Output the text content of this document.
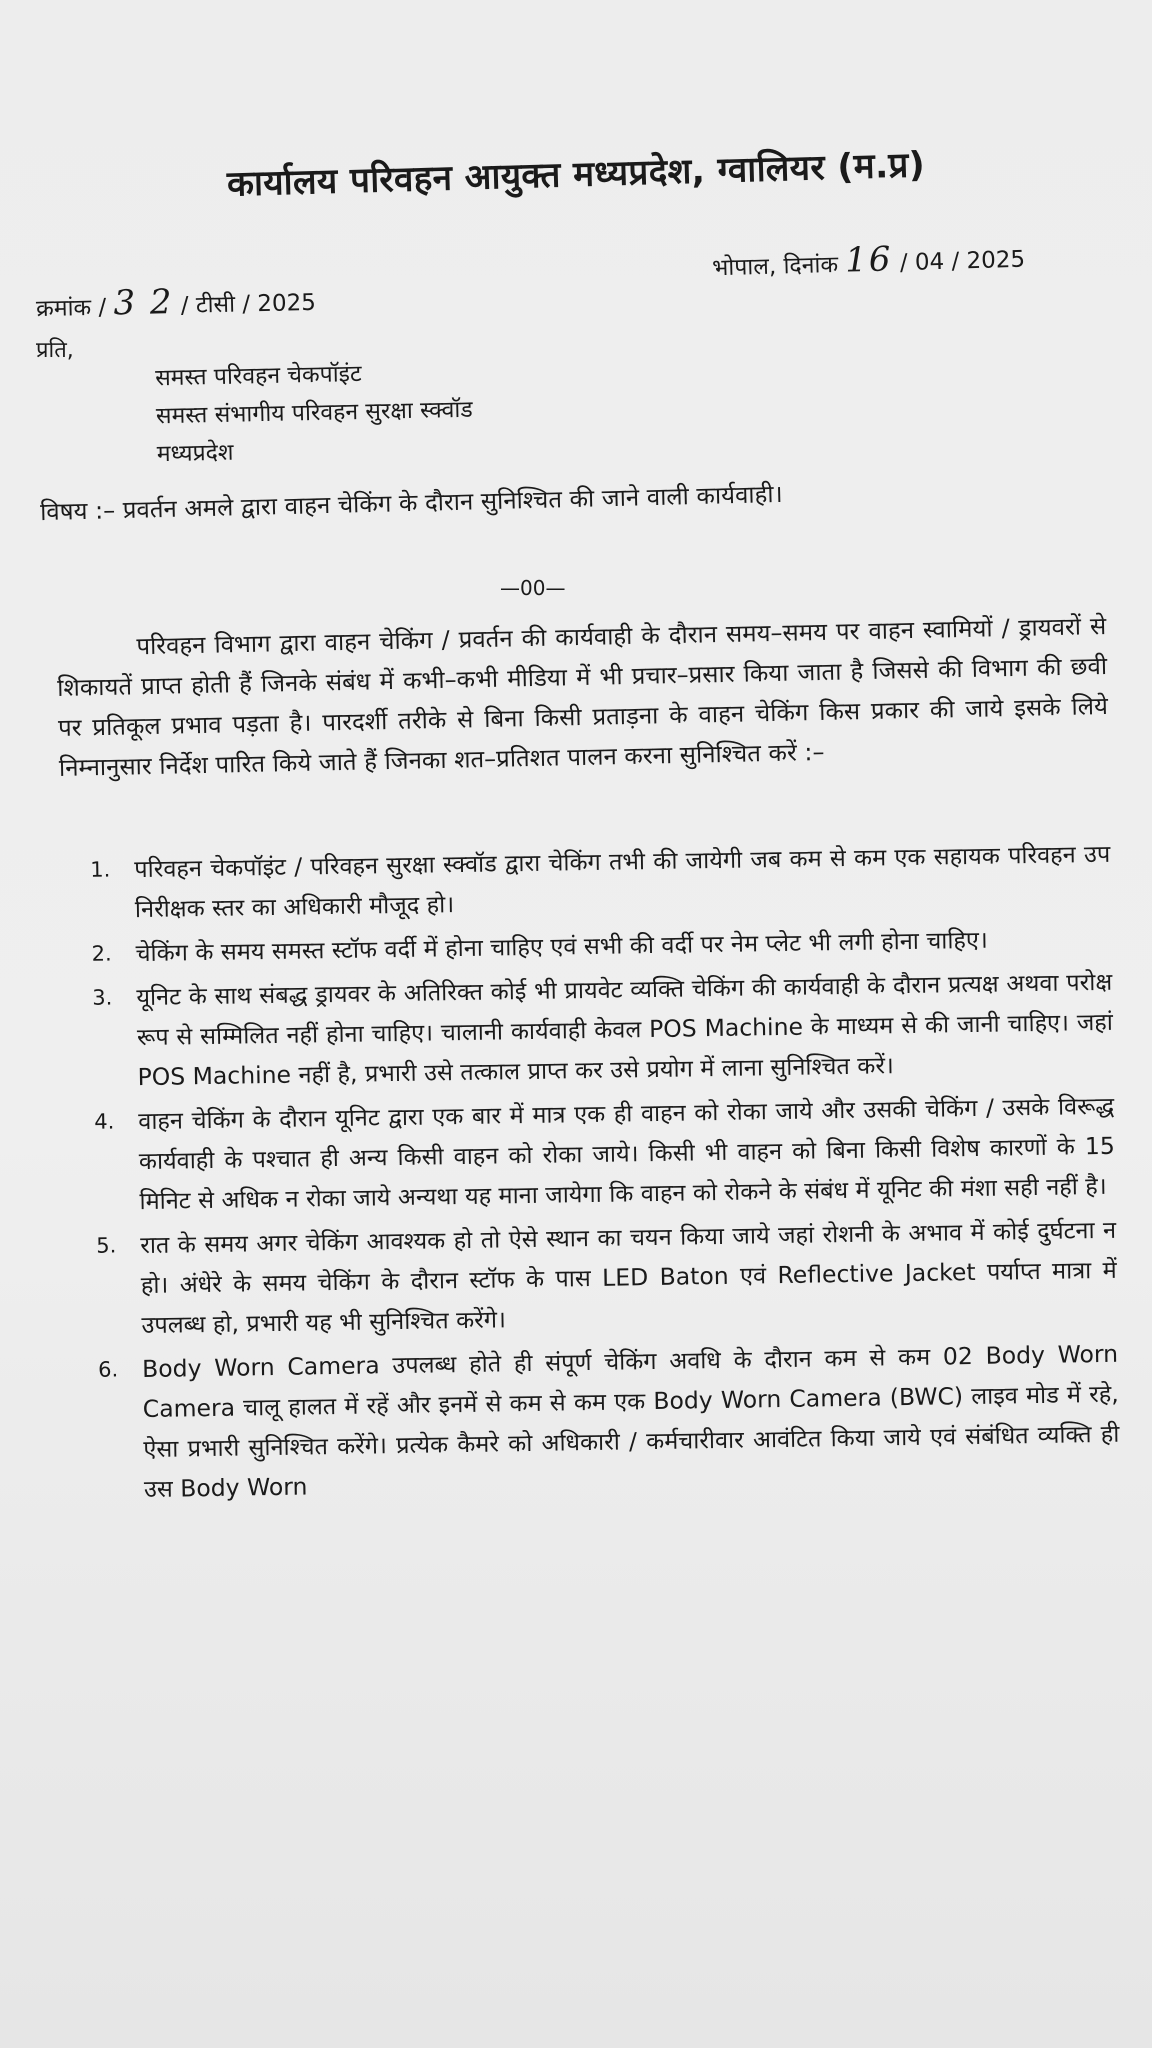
कार्यालय परिवहन आयुक्त मध्यप्रदेश, ग्वालियर (म.प्र)
भोपाल, दिनांक 16 / 04 / 2025
क्रमांक / 3 2 / टीसी / 2025
प्रति,
समस्त परिवहन चेकपॉइंट
समस्त संभागीय परिवहन सुरक्षा स्क्वॉड
मध्यप्रदेश
विषय :– प्रवर्तन अमले द्वारा वाहन चेकिंग के दौरान सुनिश्चित की जाने वाली कार्यवाही।
—00—
परिवहन विभाग द्वारा वाहन चेकिंग / प्रवर्तन की कार्यवाही के दौरान समय–समय पर वाहन स्वामियों / ड्रायवरों से शिकायतें प्राप्त होती हैं जिनके संबंध में कभी–कभी मीडिया में भी प्रचार–प्रसार किया जाता है जिससे की विभाग की छवी पर प्रतिकूल प्रभाव पड़ता है। पारदर्शी तरीके से बिना किसी प्रताड़ना के वाहन चेकिंग किस प्रकार की जाये इसके लिये निम्नानुसार निर्देश पारित किये जाते हैं जिनका शत–प्रतिशत पालन करना सुनिश्चित करें :–
1. परिवहन चेकपॉइंट / परिवहन सुरक्षा स्क्वॉड द्वारा चेकिंग तभी की जायेगी जब कम से कम एक सहायक परिवहन उप निरीक्षक स्तर का अधिकारी मौजूद हो।
2. चेकिंग के समय समस्त स्टॉफ वर्दी में होना चाहिए एवं सभी की वर्दी पर नेम प्लेट भी लगी होना चाहिए।
3. यूनिट के साथ संबद्ध ड्रायवर के अतिरिक्त कोई भी प्रायवेट व्यक्ति चेकिंग की कार्यवाही के दौरान प्रत्यक्ष अथवा परोक्ष रूप से सम्मिलित नहीं होना चाहिए। चालानी कार्यवाही केवल POS Machine के माध्यम से की जानी चाहिए। जहां POS Machine नहीं है, प्रभारी उसे तत्काल प्राप्त कर उसे प्रयोग में लाना सुनिश्चित करें।
4. वाहन चेकिंग के दौरान यूनिट द्वारा एक बार में मात्र एक ही वाहन को रोका जाये और उसकी चेकिंग / उसके विरूद्ध कार्यवाही के पश्चात ही अन्य किसी वाहन को रोका जाये। किसी भी वाहन को बिना किसी विशेष कारणों के 15 मिनिट से अधिक न रोका जाये अन्यथा यह माना जायेगा कि वाहन को रोकने के संबंध में यूनिट की मंशा सही नहीं है।
5. रात के समय अगर चेकिंग आवश्यक हो तो ऐसे स्थान का चयन किया जाये जहां रोशनी के अभाव में कोई दुर्घटना न हो। अंधेरे के समय चेकिंग के दौरान स्टॉफ के पास LED Baton एवं Reflective Jacket पर्याप्त मात्रा में उपलब्ध हो, प्रभारी यह भी सुनिश्चित करेंगे।
6. Body Worn Camera उपलब्ध होते ही संपूर्ण चेकिंग अवधि के दौरान कम से कम 02 Body Worn Camera चालू हालत में रहें और इनमें से कम से कम एक Body Worn Camera (BWC) लाइव मोड में रहे, ऐसा प्रभारी सुनिश्चित करेंगे। प्रत्येक कैमरे को अधिकारी / कर्मचारीवार आवंटित किया जाये एवं संबंधित व्यक्ति ही उस Body Worn
